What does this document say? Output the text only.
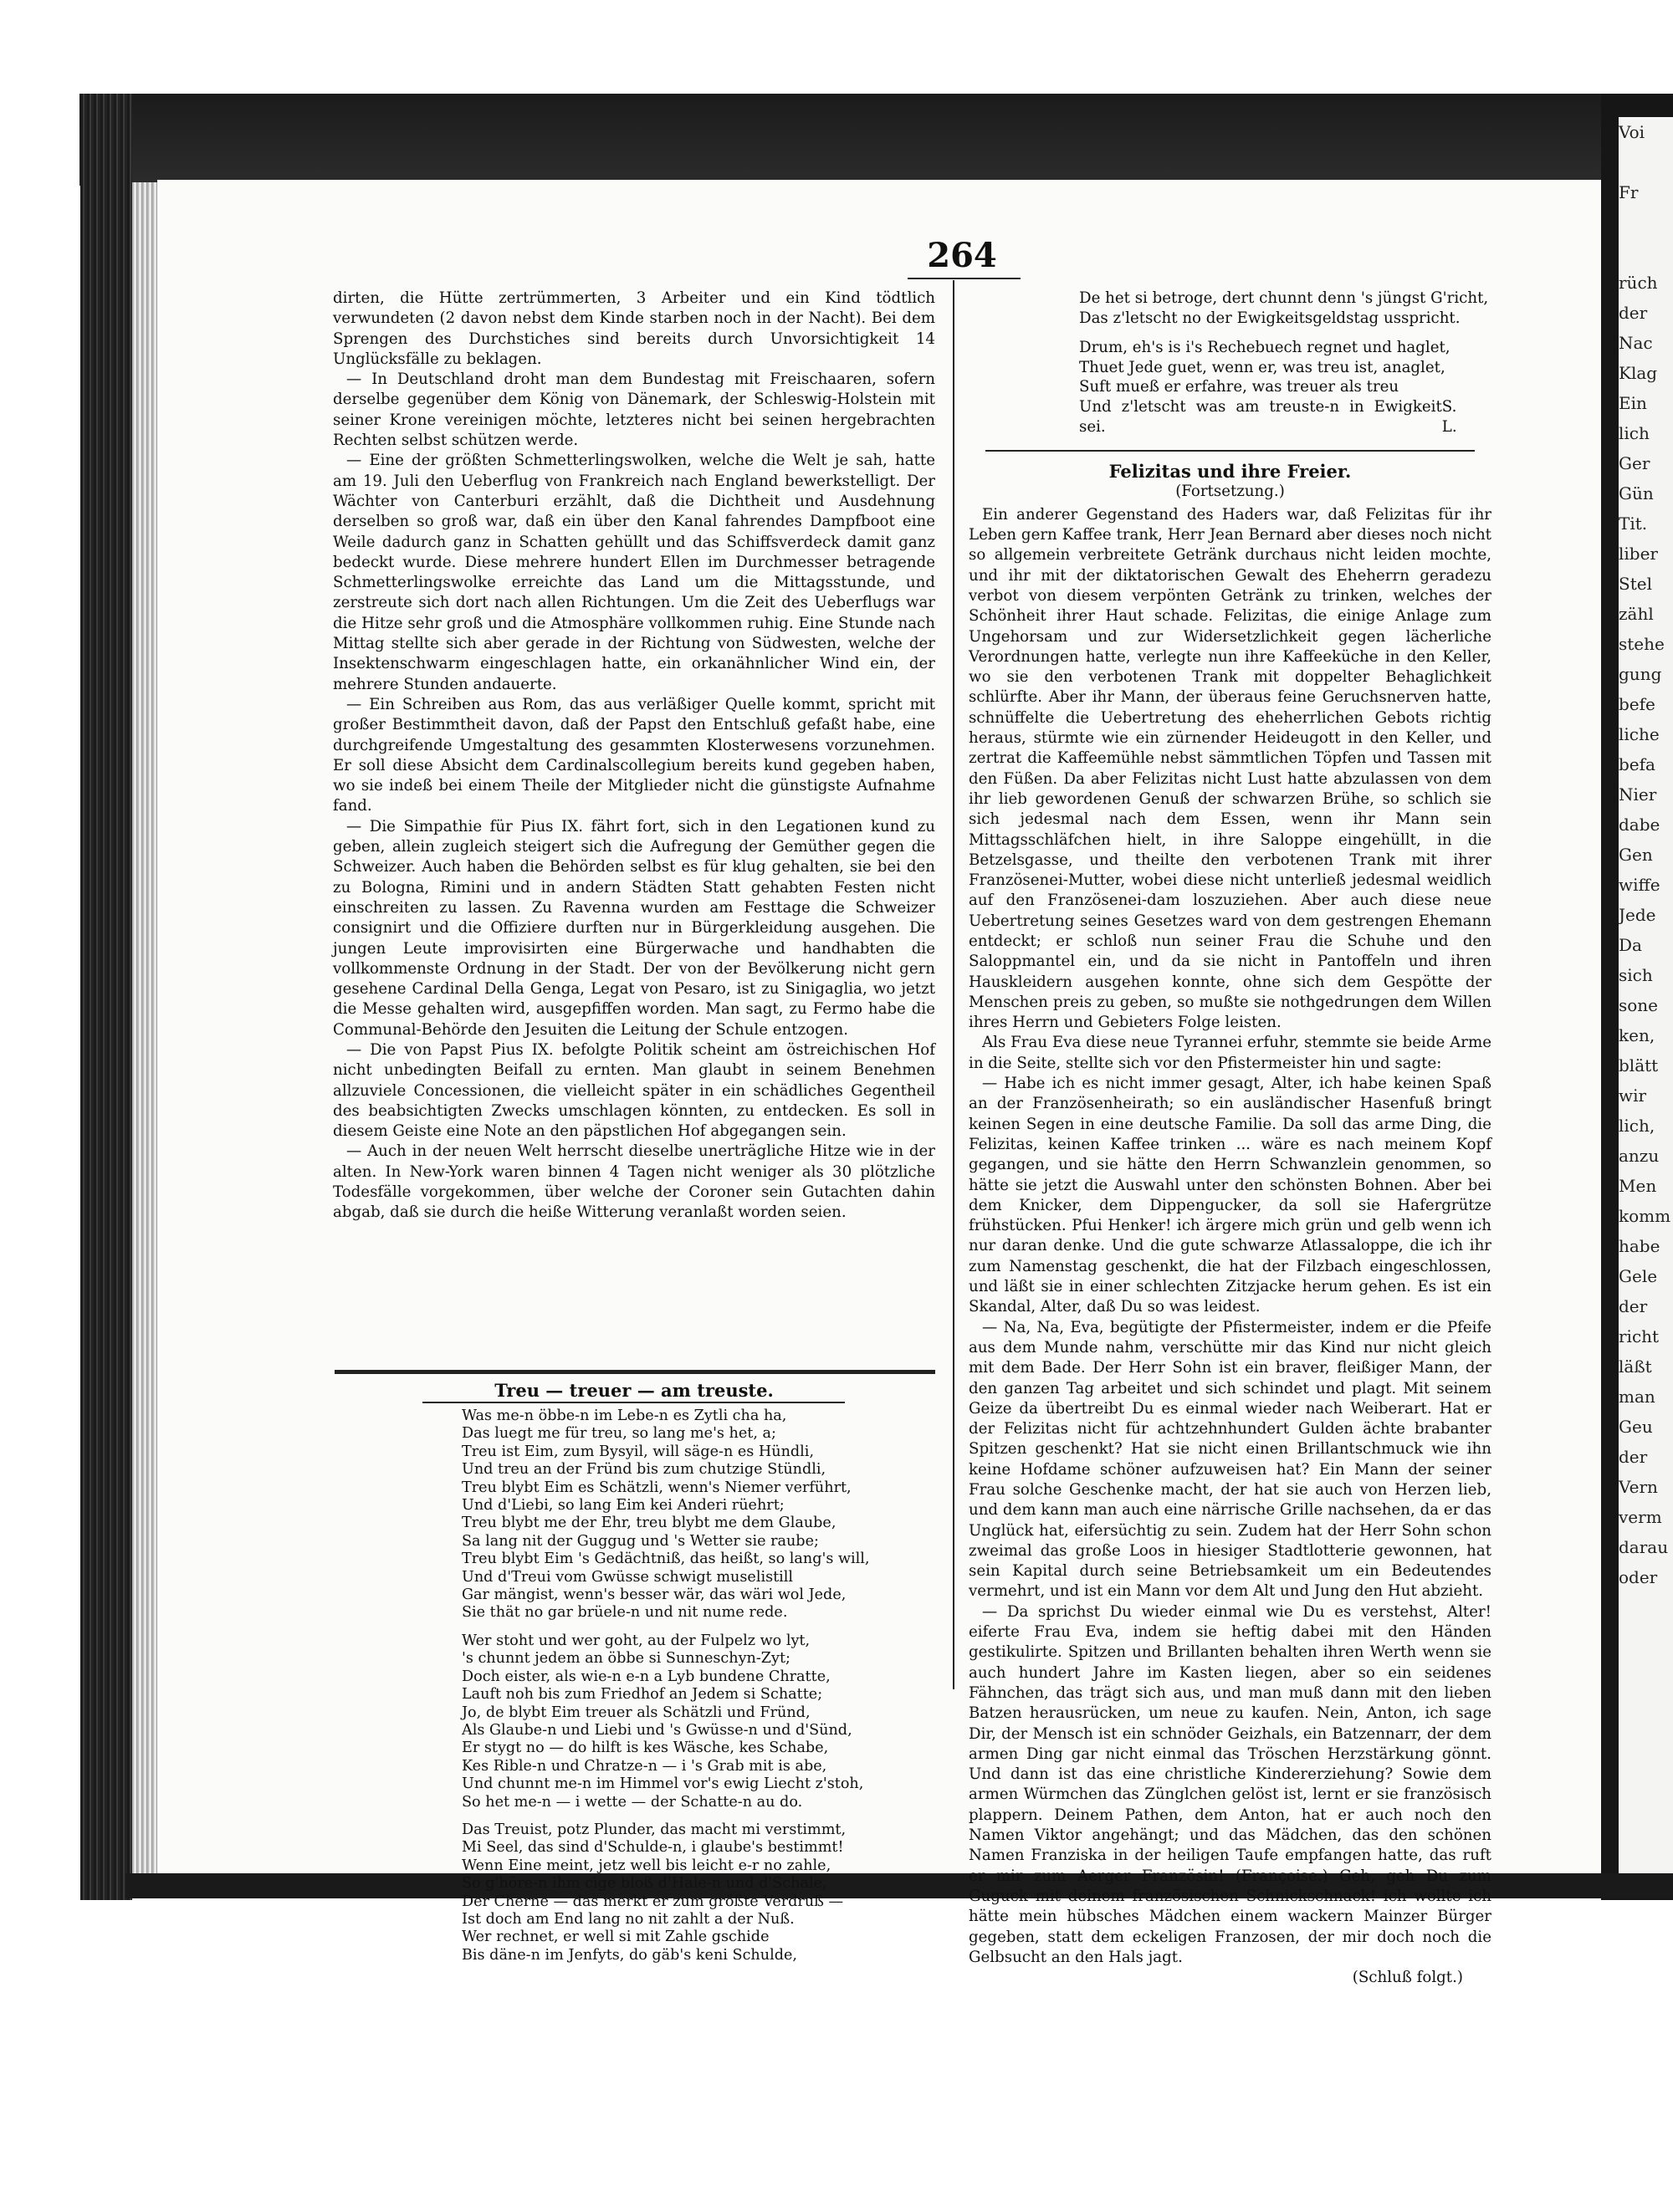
Voi

Fr

rüch
der
Nac
Klag
Ein
lich
Ger
Gün
Tit.
liber
Stel
zähl
stehe
gung
befe
liche
befa
Nier
dabe
Gen
wiffe
Jede
Da
sich
sone
ken,
blätt
wir
lich,
anzu
Men
komm
habe
Gele
der
richt
läßt
man
Geu
der
Vern
verm
darau
oder
264

dirten, die Hütte zertrümmerten, 3 Arbeiter und ein Kind tödtlich verwundeten (2 davon nebst dem Kinde starben noch in der Nacht). Bei dem Sprengen des Durchstiches sind bereits durch Unvorsichtigkeit 14 Unglücksfälle zu beklagen.

— In Deutschland droht man dem Bundestag mit Freischaaren, sofern derselbe gegenüber dem König von Dänemark, der Schleswig-Holstein mit seiner Krone vereinigen möchte, letzteres nicht bei seinen hergebrachten Rechten selbst schützen werde.

— Eine der größten Schmetterlingswolken, welche die Welt je sah, hatte am 19. Juli den Ueberflug von Frankreich nach England bewerkstelligt. Der Wächter von Canterburi erzählt, daß die Dichtheit und Ausdehnung derselben so groß war, daß ein über den Kanal fahrendes Dampfboot eine Weile dadurch ganz in Schatten gehüllt und das Schiffsverdeck damit ganz bedeckt wurde. Diese mehrere hundert Ellen im Durchmesser betragende Schmetterlingswolke erreichte das Land um die Mittagsstunde, und zerstreute sich dort nach allen Richtungen. Um die Zeit des Ueberflugs war die Hitze sehr groß und die Atmosphäre vollkommen ruhig. Eine Stunde nach Mittag stellte sich aber gerade in der Richtung von Südwesten, welche der Insektenschwarm eingeschlagen hatte, ein orkanähnlicher Wind ein, der mehrere Stunden andauerte.

— Ein Schreiben aus Rom, das aus verläßiger Quelle kommt, spricht mit großer Bestimmtheit davon, daß der Papst den Entschluß gefaßt habe, eine durchgreifende Umgestaltung des gesammten Klosterwesens vorzunehmen. Er soll diese Absicht dem Cardinalscollegium bereits kund gegeben haben, wo sie indeß bei einem Theile der Mitglieder nicht die günstigste Aufnahme fand.

— Die Simpathie für Pius IX. fährt fort, sich in den Legationen kund zu geben, allein zugleich steigert sich die Aufregung der Gemüther gegen die Schweizer. Auch haben die Behörden selbst es für klug gehalten, sie bei den zu Bologna, Rimini und in andern Städten Statt gehabten Festen nicht einschreiten zu lassen. Zu Ravenna wurden am Festtage die Schweizer consignirt und die Offiziere durften nur in Bürgerkleidung ausgehen. Die jungen Leute improvisirten eine Bürgerwache und handhabten die vollkommenste Ordnung in der Stadt. Der von der Bevölkerung nicht gern gesehene Cardinal Della Genga, Legat von Pesaro, ist zu Sinigaglia, wo jetzt die Messe gehalten wird, ausgepfiffen worden. Man sagt, zu Fermo habe die Communal-Behörde den Jesuiten die Leitung der Schule entzogen.

— Die von Papst Pius IX. befolgte Politik scheint am östreichischen Hof nicht unbedingten Beifall zu ernten. Man glaubt in seinem Benehmen allzuviele Concessionen, die vielleicht später in ein schädliches Gegentheil des beabsichtigten Zwecks umschlagen könnten, zu entdecken. Es soll in diesem Geiste eine Note an den päpstlichen Hof abgegangen sein.

— Auch in der neuen Welt herrscht dieselbe unerträgliche Hitze wie in der alten. In New-York waren binnen 4 Tagen nicht weniger als 30 plötzliche Todesfälle vorgekommen, über welche der Coroner sein Gutachten dahin abgab, daß sie durch die heiße Witterung veranlaßt worden seien.

Treu — treuer — am treuste.
Was me-n öbbe-n im Lebe-n es Zytli cha ha,
Das luegt me für treu, so lang me's het, a;
Treu ist Eim, zum Bysyil, will säge-n es Hündli,
Und treu an der Fründ bis zum chutzige Stündli,
Treu blybt Eim es Schätzli, wenn's Niemer verführt,
Und d'Liebi, so lang Eim kei Anderi rüehrt;
Treu blybt me der Ehr, treu blybt me dem Glaube,
Sa lang nit der Guggug und 's Wetter sie raube;
Treu blybt Eim 's Gedächtniß, das heißt, so lang's will,
Und d'Treui vom Gwüsse schwigt muselistill
Gar mängist, wenn's besser wär, das wäri wol Jede,
Sie thät no gar brüele-n und nit nume rede.
Wer stoht und wer goht, au der Fulpelz wo lyt,
's chunnt jedem an öbbe si Sunneschyn-Zyt;
Doch eister, als wie-n e-n a Lyb bundene Chratte,
Lauft noh bis zum Friedhof an Jedem si Schatte;
Jo, de blybt Eim treuer als Schätzli und Fründ,
Als Glaube-n und Liebi und 's Gwüsse-n und d'Sünd,
Er stygt no — do hilft is kes Wäsche, kes Schabe,
Kes Rible-n und Chratze-n — i 's Grab mit is abe,
Und chunnt me-n im Himmel vor's ewig Liecht z'stoh,
So het me-n — i wette — der Schatte-n au do.
Das Treuist, potz Plunder, das macht mi verstimmt,
Mi Seel, das sind d'Schulde-n, i glaube's bestimmt!
Wenn Eine meint, jetz well bis leicht e-r no zahle,
So g'höre-n ihm cige bloß d'Hale-n und d'Schale,
Der Cherne — das merkt er zum größte Verdruß —
Ist doch am End lang no nit zahlt a der Nuß.
Wer rechnet, er well si mit Zahle gschide
Bis däne-n im Jenfyts, do gäb's keni Schulde,
De het si betroge, dert chunnt denn 's jüngst G'richt,
Das z'letscht no der Ewigkeitsgeldstag usspricht.
Drum, eh's is i's Rechebuech regnet und haglet,
Thuet Jede guet, wenn er, was treu ist, anaglet,
Suft mueß er erfahre, was treuer als treu
Und z'letscht was am treuste-n in Ewigkeit sei.
S. L.
Felizitas und ihre Freier.
(Fortsetzung.)

Ein anderer Gegenstand des Haders war, daß Felizitas für ihr Leben gern Kaffee trank, Herr Jean Bernard aber dieses noch nicht so allgemein verbreitete Getränk durchaus nicht leiden mochte, und ihr mit der diktatorischen Gewalt des Eheherrn geradezu verbot von diesem verpönten Getränk zu trinken, welches der Schönheit ihrer Haut schade. Felizitas, die einige Anlage zum Ungehorsam und zur Widersetzlichkeit gegen lächerliche Verordnungen hatte, verlegte nun ihre Kaffeeküche in den Keller, wo sie den verbotenen Trank mit doppelter Behaglichkeit schlürfte. Aber ihr Mann, der überaus feine Geruchsnerven hatte, schnüffelte die Uebertretung des eheherrlichen Gebots richtig heraus, stürmte wie ein zürnender Heideugott in den Keller, und zertrat die Kaffeemühle nebst sämmtlichen Töpfen und Tassen mit den Füßen. Da aber Felizitas nicht Lust hatte abzulassen von dem ihr lieb gewordenen Genuß der schwarzen Brühe, so schlich sie sich jedesmal nach dem Essen, wenn ihr Mann sein Mittagsschläfchen hielt, in ihre Saloppe eingehüllt, in die Betzelsgasse, und theilte den verbotenen Trank mit ihrer Französenei-Mutter, wobei diese nicht unterließ jedesmal weidlich auf den Französenei-dam loszuziehen. Aber auch diese neue Uebertretung seines Gesetzes ward von dem gestrengen Ehemann entdeckt; er schloß nun seiner Frau die Schuhe und den Saloppmantel ein, und da sie nicht in Pantoffeln und ihren Hauskleidern ausgehen konnte, ohne sich dem Gespötte der Menschen preis zu geben, so mußte sie nothgedrungen dem Willen ihres Herrn und Gebieters Folge leisten.

Als Frau Eva diese neue Tyrannei erfuhr, stemmte sie beide Arme in die Seite, stellte sich vor den Pfistermeister hin und sagte:

— Habe ich es nicht immer gesagt, Alter, ich habe keinen Spaß an der Französenheirath; so ein ausländischer Hasenfuß bringt keinen Segen in eine deutsche Familie. Da soll das arme Ding, die Felizitas, keinen Kaffee trinken ... wäre es nach meinem Kopf gegangen, und sie hätte den Herrn Schwanzlein genommen, so hätte sie jetzt die Auswahl unter den schönsten Bohnen. Aber bei dem Knicker, dem Dippengucker, da soll sie Hafergrütze frühstücken. Pfui Henker! ich ärgere mich grün und gelb wenn ich nur daran denke. Und die gute schwarze Atlassaloppe, die ich ihr zum Namenstag geschenkt, die hat der Filzbach eingeschlossen, und läßt sie in einer schlechten Zitzjacke herum gehen. Es ist ein Skandal, Alter, daß Du so was leidest.

— Na, Na, Eva, begütigte der Pfistermeister, indem er die Pfeife aus dem Munde nahm, verschütte mir das Kind nur nicht gleich mit dem Bade. Der Herr Sohn ist ein braver, fleißiger Mann, der den ganzen Tag arbeitet und sich schindet und plagt. Mit seinem Geize da übertreibt Du es einmal wieder nach Weiberart. Hat er der Felizitas nicht für achtzehnhundert Gulden ächte brabanter Spitzen geschenkt? Hat sie nicht einen Brillantschmuck wie ihn keine Hofdame schöner aufzuweisen hat? Ein Mann der seiner Frau solche Geschenke macht, der hat sie auch von Herzen lieb, und dem kann man auch eine närrische Grille nachsehen, da er das Unglück hat, eifersüchtig zu sein. Zudem hat der Herr Sohn schon zweimal das große Loos in hiesiger Stadtlotterie gewonnen, hat sein Kapital durch seine Betriebsamkeit um ein Bedeutendes vermehrt, und ist ein Mann vor dem Alt und Jung den Hut abzieht.

— Da sprichst Du wieder einmal wie Du es verstehst, Alter! eiferte Frau Eva, indem sie heftig dabei mit den Händen gestikulirte. Spitzen und Brillanten behalten ihren Werth wenn sie auch hundert Jahre im Kasten liegen, aber so ein seidenes Fähnchen, das trägt sich aus, und man muß dann mit den lieben Batzen herausrücken, um neue zu kaufen. Nein, Anton, ich sage Dir, der Mensch ist ein schnöder Geizhals, ein Batzennarr, der dem armen Ding gar nicht einmal das Tröschen Herzstärkung gönnt. Und dann ist das eine christliche Kindererziehung? Sowie dem armen Würmchen das Zünglchen gelöst ist, lernt er sie französisch plappern. Deinem Pathen, dem Anton, hat er auch noch den Namen Viktor angehängt; und das Mädchen, das den schönen Namen Franziska in der heiligen Taufe empfangen hatte, das ruft er mir zum Aerger Französin! (Françoise.) Geh, geh Du zum Guguck mit deinem französischen Schnickschnack! ich wollte ich hätte mein hübsches Mädchen einem wackern Mainzer Bürger gegeben, statt dem eckeligen Franzosen, der mir doch noch die Gelbsucht an den Hals jagt.

(Schluß folgt.)
